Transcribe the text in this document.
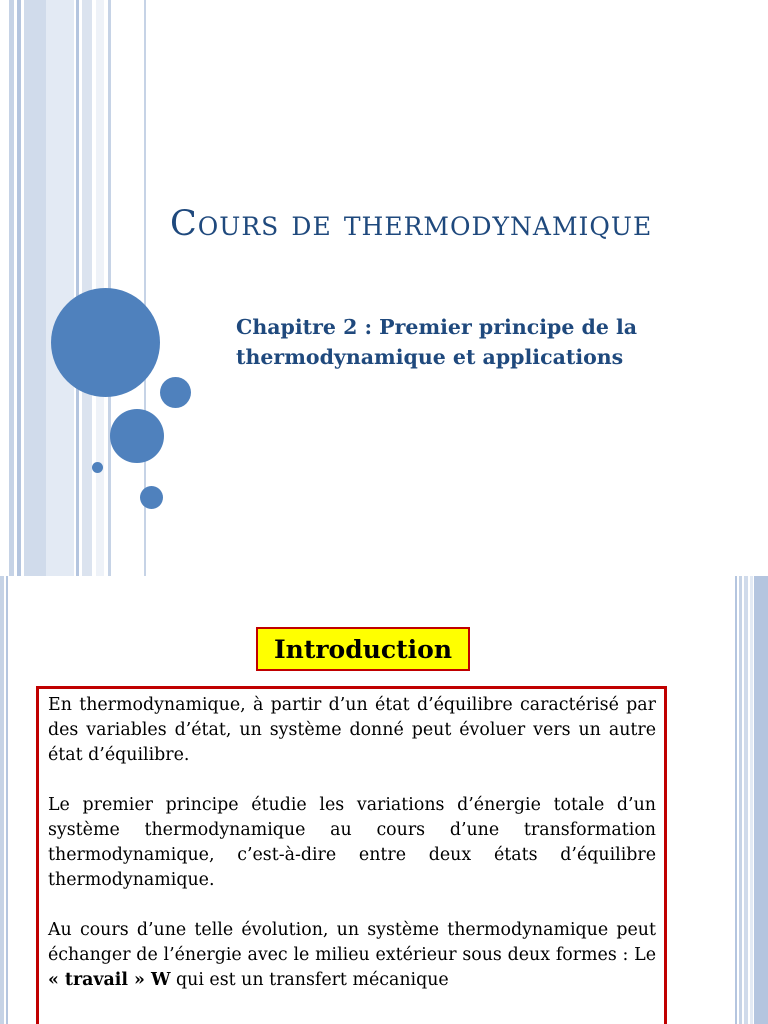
Cours de thermodynamique
Chapitre 2 : Premier principe de la thermodynamique et applications
Introduction

En thermodynamique, à partir d’un état d’équilibre caractérisé par des variables d’état, un système donné peut évoluer vers un autre état d’équilibre.

Le premier principe étudie les variations d’énergie totale d’un système thermodynamique au cours d’une transformation thermodynamique, c’est-à-dire entre deux états d’équilibre thermodynamique.

Au cours d’une telle évolution, un système thermodynamique peut échanger de l’énergie avec le milieu extérieur sous deux formes : Le « travail » W qui est un transfert mécanique
